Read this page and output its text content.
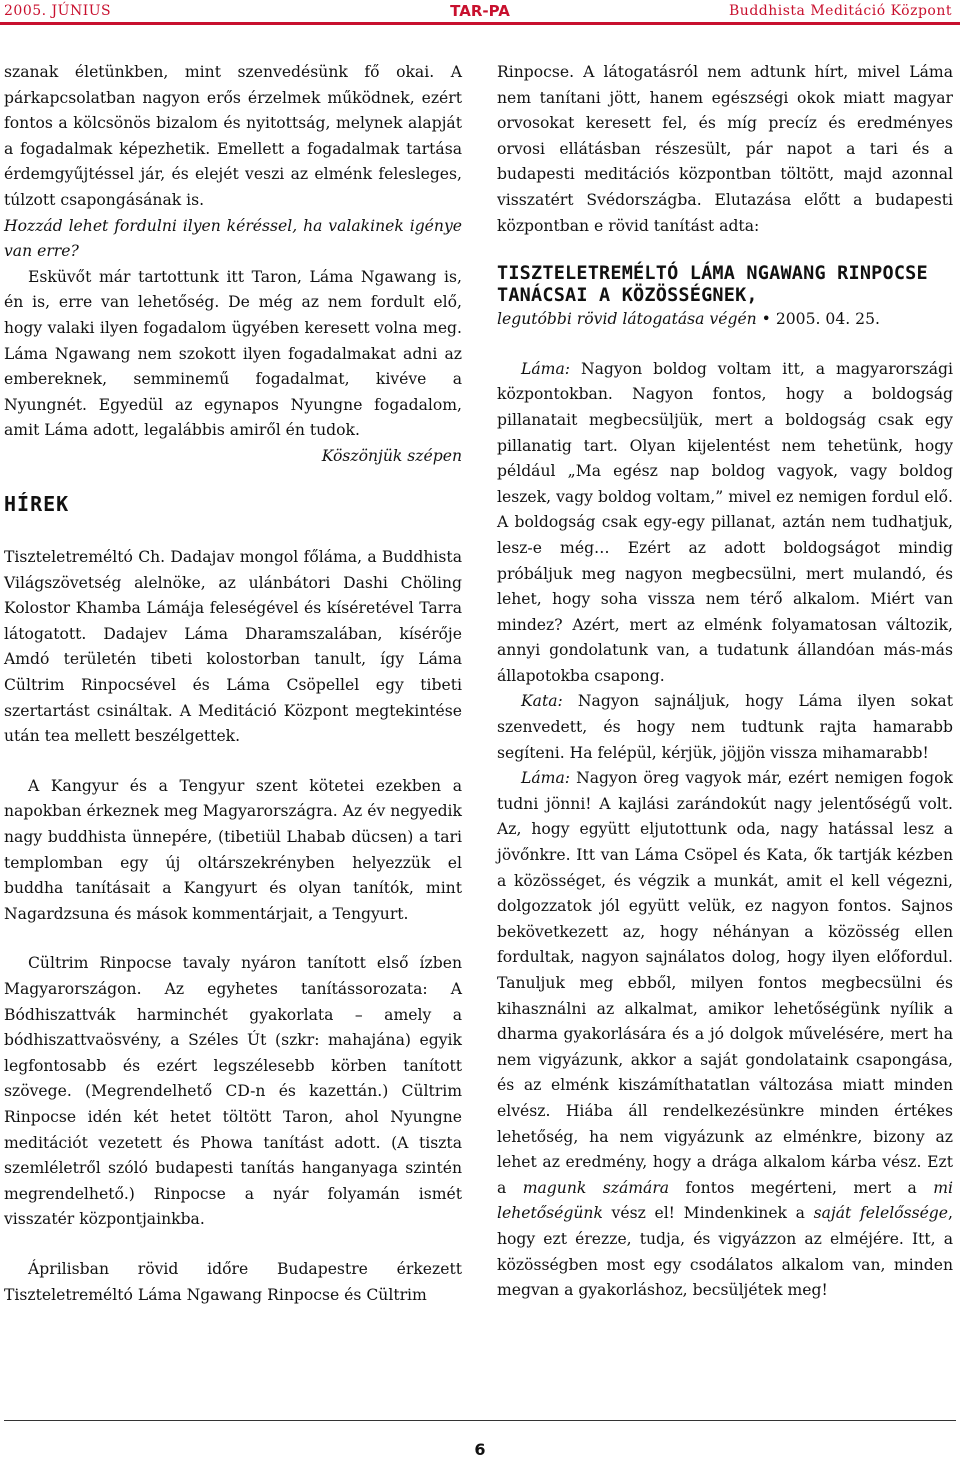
2005. JÚNIUS	TAR-PA	Buddhista Meditáció Központ

szanak életünkben, mint szenvedésünk fő okai. A párkapcsolatban nagyon erős érzelmek működnek, ezért fontos a kölcsönös bizalom és nyitottság, melynek alapját a fogadalmak képezhetik. Emellett a fogadalmak tartása érdemgyűjtéssel jár, és elejét veszi az elménk felesleges, túlzott csapongásának is.

Hozzád lehet fordulni ilyen kéréssel, ha valakinek igénye van erre?

Esküvőt már tartottunk itt Taron, Láma Ngawang is, én is, erre van lehetőség. De még az nem fordult elő, hogy valaki ilyen fogadalom ügyében keresett volna meg. Láma Ngawang nem szokott ilyen fogadalmakat adni az embereknek, semminemű fogadalmat, kivéve a Nyungnét. Egyedül az egynapos Nyungne fogadalom, amit Láma adott, legalábbis amiről én tudok.

Köszönjük szépen

HÍREK

Tiszteletreméltó Ch. Dadajav mongol főláma, a Buddhista Világszövetség alelnöke, az ulánbátori Dashi Chöling Kolostor Khamba Lámája feleségével és kíséretével Tarra látogatott. Dadajev Láma Dharamszalában, kísérője Amdó területén tibeti kolostorban tanult, így Láma Cültrim Rinpocsével és Láma Csöpellel egy tibeti szertartást csináltak. A Meditáció Központ megtekintése után tea mellett beszélgettek.

A Kangyur és a Tengyur szent kötetei ezekben a napokban érkeznek meg Magyarországra. Az év negyedik nagy buddhista ünnepére, (tibetiül Lhabab dücsen) a tari templomban egy új oltárszekrényben helyezzük el buddha tanításait a Kangyurt és olyan tanítók, mint Nagardzsuna és mások kommentárjait, a Tengyurt.

Cültrim Rinpocse tavaly nyáron tanított első ízben Magyarországon. Az egyhetes tanítássorozata: A Bódhiszattvák harminchét gyakorlata – amely a bódhiszattvaösvény, a Széles Út (szkr: mahajána) egyik legfontosabb és ezért legszélesebb körben tanított szövege. (Megrendelhető CD-n és kazettán.) Cültrim Rinpocse idén két hetet töltött Taron, ahol Nyungne meditációt vezetett és Phowa tanítást adott. (A tiszta szemléletről szóló budapesti tanítás hanganyaga szintén megrendelhető.) Rinpocse a nyár folyamán ismét visszatér központjainkba.

Áprilisban rövid időre Budapestre érkezett Tiszteletreméltó Láma Ngawang Rinpocse és Cültrim

Rinpocse. A látogatásról nem adtunk hírt, mivel Láma nem tanítani jött, hanem egészségi okok miatt magyar orvosokat keresett fel, és míg precíz és eredményes orvosi ellátásban részesült, pár napot a tari és a budapesti meditációs központban töltött, majd azonnal visszatért Svédországba. Elutazása előtt a budapesti központban e rövid tanítást adta:

TISZTELETREMÉLTÓ LÁMA NGAWANG RINPOCSE TANÁCSAI A KÖZÖSSÉGNEK,

legutóbbi rövid látogatása végén • 2005. 04. 25.

Láma: Nagyon boldog voltam itt, a magyarországi központokban. Nagyon fontos, hogy a boldogság pillanatait megbecsüljük, mert a boldogság csak egy pillanatig tart. Olyan kijelentést nem tehetünk, hogy például „Ma egész nap boldog vagyok, vagy boldog leszek, vagy boldog voltam,” mivel ez nemigen fordul elő. A boldogság csak egy-egy pillanat, aztán nem tudhatjuk, lesz-e még… Ezért az adott boldogságot mindig próbáljuk meg nagyon megbecsülni, mert mulandó, és lehet, hogy soha vissza nem térő alkalom. Miért van mindez? Azért, mert az elménk folyamatosan változik, annyi gondolatunk van, a tudatunk állandóan más-más állapotokba csapong.

Kata: Nagyon sajnáljuk, hogy Láma ilyen sokat szenvedett, és hogy nem tudtunk rajta hamarabb segíteni. Ha felépül, kérjük, jöjjön vissza mihamarabb!

Láma: Nagyon öreg vagyok már, ezért nemigen fogok tudni jönni! A kajlási zarándokút nagy jelentőségű volt. Az, hogy együtt eljutottunk oda, nagy hatással lesz a jövőnkre. Itt van Láma Csöpel és Kata, ők tartják kézben a közösséget, és végzik a munkát, amit el kell végezni, dolgozzatok jól együtt velük, ez nagyon fontos. Sajnos bekövetkezett az, hogy néhányan a közösség ellen fordultak, nagyon sajnálatos dolog, hogy ilyen előfordul. Tanuljuk meg ebből, milyen fontos megbecsülni és kihasználni az alkalmat, amikor lehetőségünk nyílik a dharma gyakorlására és a jó dolgok művelésére, mert ha nem vigyázunk, akkor a saját gondolataink csapongása, és az elménk kiszámíthatatlan változása miatt minden elvész. Hiába áll rendelkezésünkre minden értékes lehetőség, ha nem vigyázunk az elménkre, bizony az lehet az eredmény, hogy a drága alkalom kárba vész. Ezt a magunk számára fontos megérteni, mert a mi lehetőségünk vész el! Mindenkinek a saját felelőssége, hogy ezt érezze, tudja, és vigyázzon az elméjére. Itt, a közösségben most egy csodálatos alkalom van, minden megvan a gyakorláshoz, becsüljétek meg!

6
